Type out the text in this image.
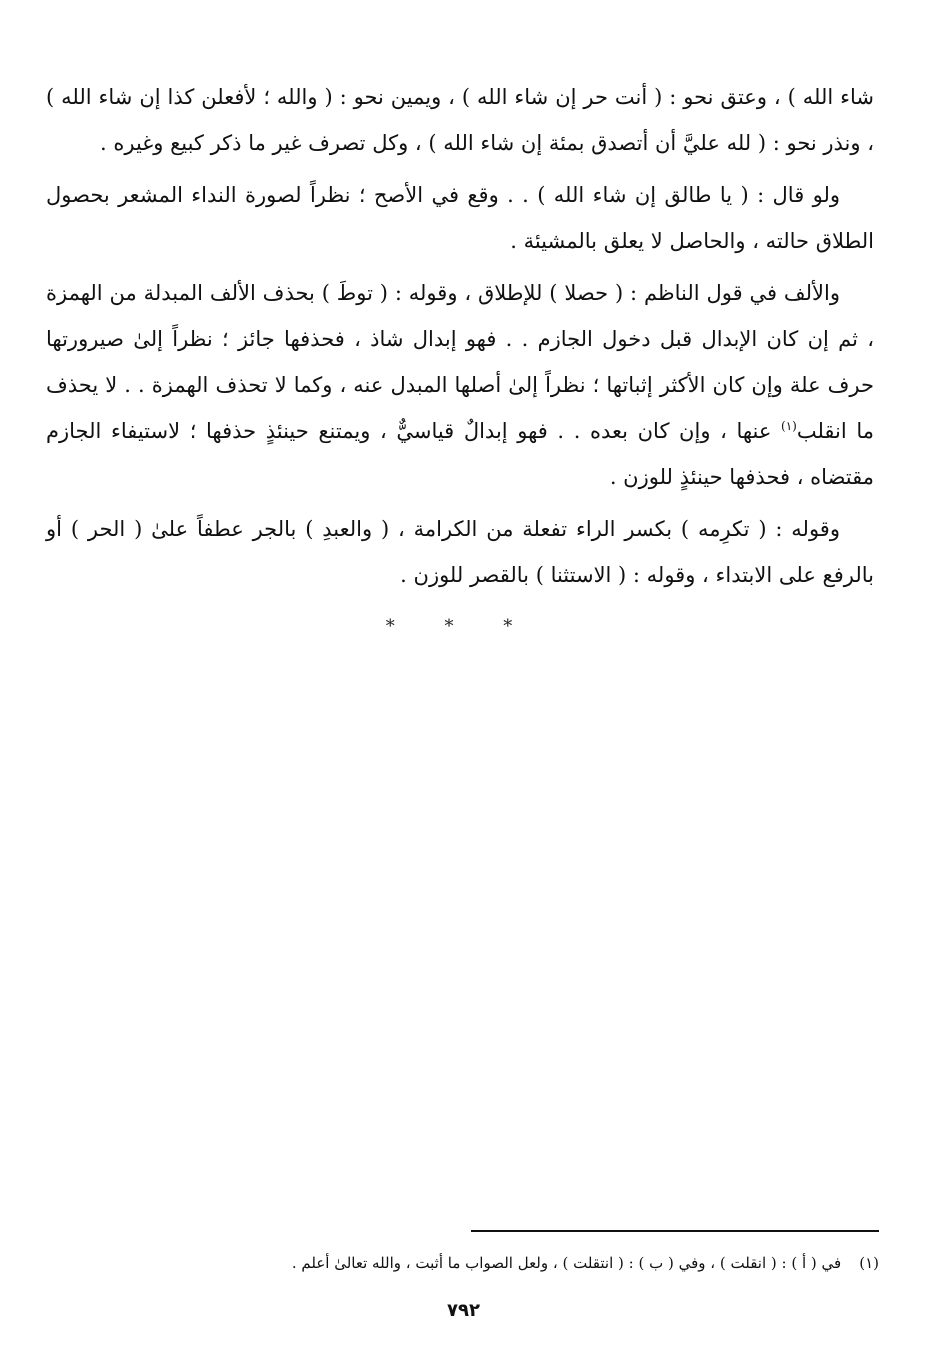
شاء الله ) ، وعتق نحو : ( أنت حر إن شاء الله ) ، ويمين نحو : ( والله ؛ لأفعلن كذا إن شاء الله ) ، ونذر نحو : ( لله عليَّ أن أتصدق بمئة إن شاء الله ) ، وكل تصرف غير ما ذكر كبيع وغيره .

ولو قال : ( يا طالق إن شاء الله ) . . وقع في الأصح ؛ نظراً لصورة النداء المشعر بحصول الطلاق حالته ، والحاصل لا يعلق بالمشيئة .

والألف في قول الناظم : ( حصلا ) للإطلاق ، وقوله : ( توطَ ) بحذف الألف المبدلة من الهمزة ، ثم إن كان الإبدال قبل دخول الجازم . . فهو إبدال شاذ ، فحذفها جائز ؛ نظراً إلىٰ صيرورتها حرف علة وإن كان الأكثر إثباتها ؛ نظراً إلىٰ أصلها المبدل عنه ، وكما لا تحذف الهمزة . . لا يحذف ما انقلب$^{(١)}$ عنها ، وإن كان بعده . . فهو إبدالٌ قياسيٌّ ، ويمتنع حينئذٍ حذفها ؛ لاستيفاء الجازم مقتضاه ، فحذفها حينئذٍ للوزن .

وقوله : ( تكرِمه ) بكسر الراء تفعلة من الكرامة ، ( والعبدِ ) بالجر عطفاً علىٰ ( الحر ) أو بالرفع على الابتداء ، وقوله : ( الاستثنا ) بالقصر للوزن .

* * *
(١)في ( أ ) : ( انقلت ) ، وفي ( ب ) : ( انتقلت ) ، ولعل الصواب ما أثبت ، والله تعالىٰ أعلم .
٧٩٢
